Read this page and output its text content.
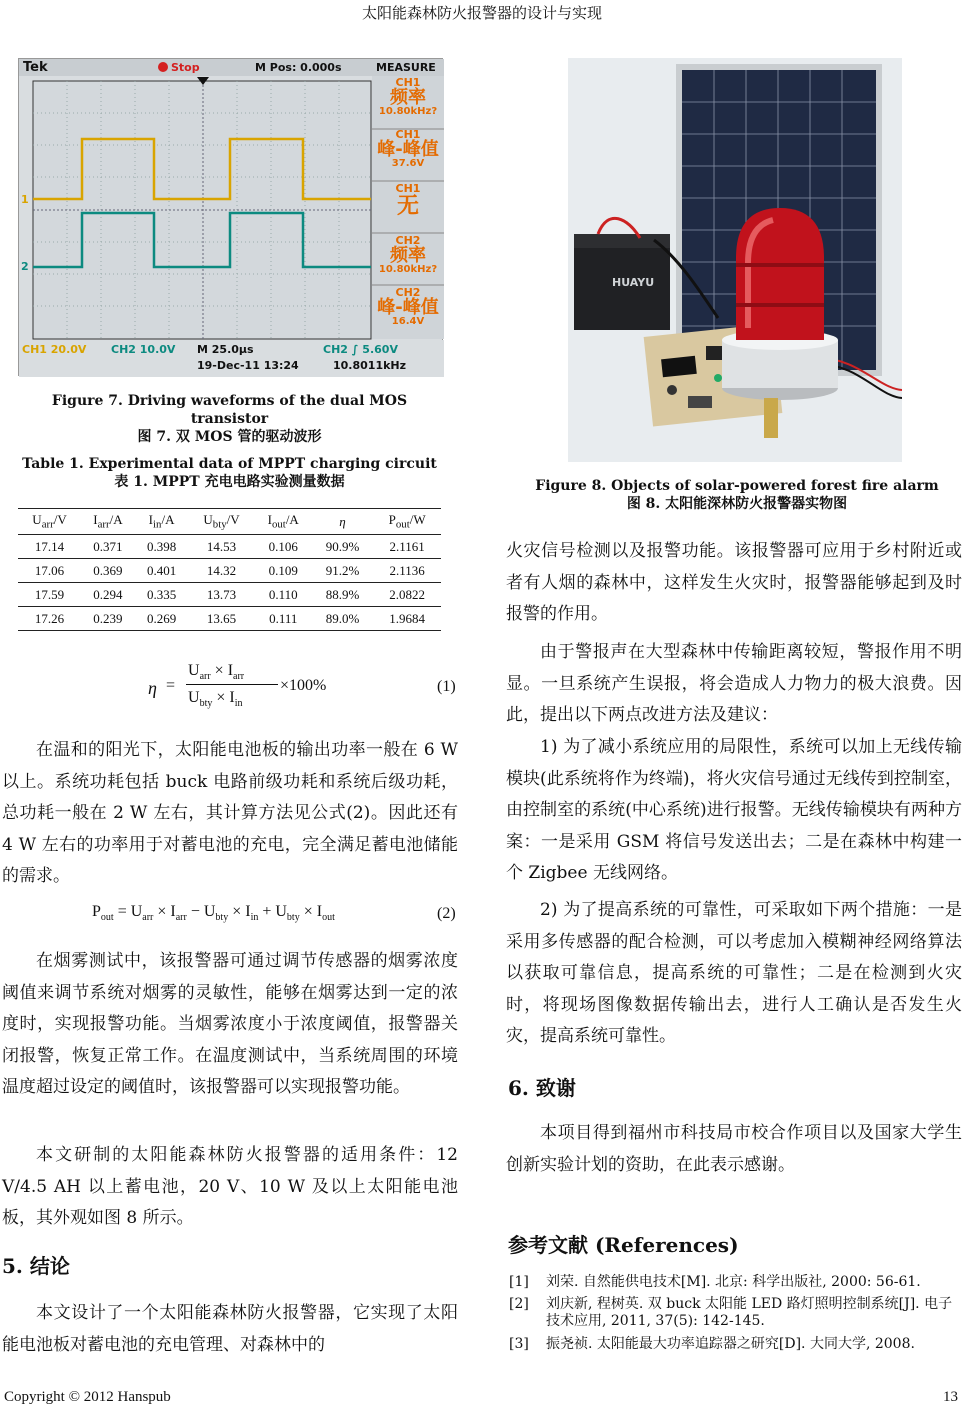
太阳能森林防火报警器的设计与实现
Tek	Stop	M Pos: 0.000s	MEASURE
1
2
CH1
频率
10.80kHz?
CH1
峰-峰值
37.6V
CH1
无
CH2
频率
10.80kHz?
CH2
峰-峰值
16.4V
CH1 20.0V CH2 10.0V M 25.0µs	CH2 ∫ 5.60V
19-Dec-11 13:24	10.8011kHz
Figure 7. Driving waveforms of the dual MOS transistor
图 7. 双 MOS 管的驱动波形
Table 1. Experimental data of MPPT charging circuit
表 1. MPPT 充电电路实验测量数据
$U_{arr}/V$	$I_{arr}/A$	$I_{in}/A$	$U_{bty}/V$	$I_{out}/A$	η	$P_{out}/W$
17.14	0.371	0.398	14.53	0.106	90.9%	2.1161
17.06	0.369	0.401	14.32	0.109	91.2%	2.1136
17.59	0.294	0.335	13.73	0.110	88.9%	2.0822
17.26	0.239	0.269	13.65	0.111	89.0%	1.9684
η =
$U_{arr} \times I_{arr}$
$U_{bty} \times I_{in}$
×100%	(1)
在温和的阳光下，太阳能电池板的输出功率一般在 6 W 以上。系统功耗包括 buck 电路前级功耗和系统后级功耗，总功耗一般在 2 W 左右，其计算方法见公式(2)。因此还有 4 W 左右的功率用于对蓄电池的充电，完全满足蓄电池储能的需求。
$P_{out} = U_{arr} \times I_{arr} - U_{bty} \times I_{in} + U_{bty} \times I_{out}$	(2)
在烟雾测试中，该报警器可通过调节传感器的烟雾浓度阈值来调节系统对烟雾的灵敏性，能够在烟雾达到一定的浓度时，实现报警功能。当烟雾浓度小于浓度阈值，报警器关闭报警，恢复正常工作。在温度测试中，当系统周围的环境温度超过设定的阈值时，该报警器可以实现报警功能。
本文研制的太阳能森林防火报警器的适用条件：12 V/4.5 AH 以上蓄电池，20 V、10 W 及以上太阳能电池板，其外观如图 8 所示。
5. 结论
本文设计了一个太阳能森林防火报警器，它实现了太阳能电池板对蓄电池的充电管理、对森林中的
HUAYU
Figure 8. Objects of solar-powered forest fire alarm
图 8. 太阳能深林防火报警器实物图
火灾信号检测以及报警功能。该报警器可应用于乡村附近或者有人烟的森林中，这样发生火灾时，报警器能够起到及时报警的作用。
由于警报声在大型森林中传输距离较短，警报作用不明显。一旦系统产生误报，将会造成人力物力的极大浪费。因此，提出以下两点改进方法及建议：
1) 为了减小系统应用的局限性，系统可以加上无线传输模块(此系统将作为终端)，将火灾信号通过无线传到控制室，由控制室的系统(中心系统)进行报警。无线传输模块有两种方案：一是采用 GSM 将信号发送出去；二是在森林中构建一个 Zigbee 无线网络。
2) 为了提高系统的可靠性，可采取如下两个措施：一是采用多传感器的配合检测，可以考虑加入模糊神经网络算法以获取可靠信息，提高系统的可靠性；二是在检测到火灾时，将现场图像数据传输出去，进行人工确认是否发生火灾，提高系统可靠性。
6. 致谢
本项目得到福州市科技局市校合作项目以及国家大学生创新实验计划的资助，在此表示感谢。
参考文献 (References)
[1] 刘荣. 自然能供电技术[M]. 北京: 科学出版社, 2000: 56-61.
[2] 刘庆新, 程树英. 双 buck 太阳能 LED 路灯照明控制系统[J]. 电子技术应用, 2011, 37(5): 142-145.
[3] 振尧祯. 太阳能最大功率追踪器之研究[D]. 大同大学, 2008.
Copyright © 2012 Hanspub	13
